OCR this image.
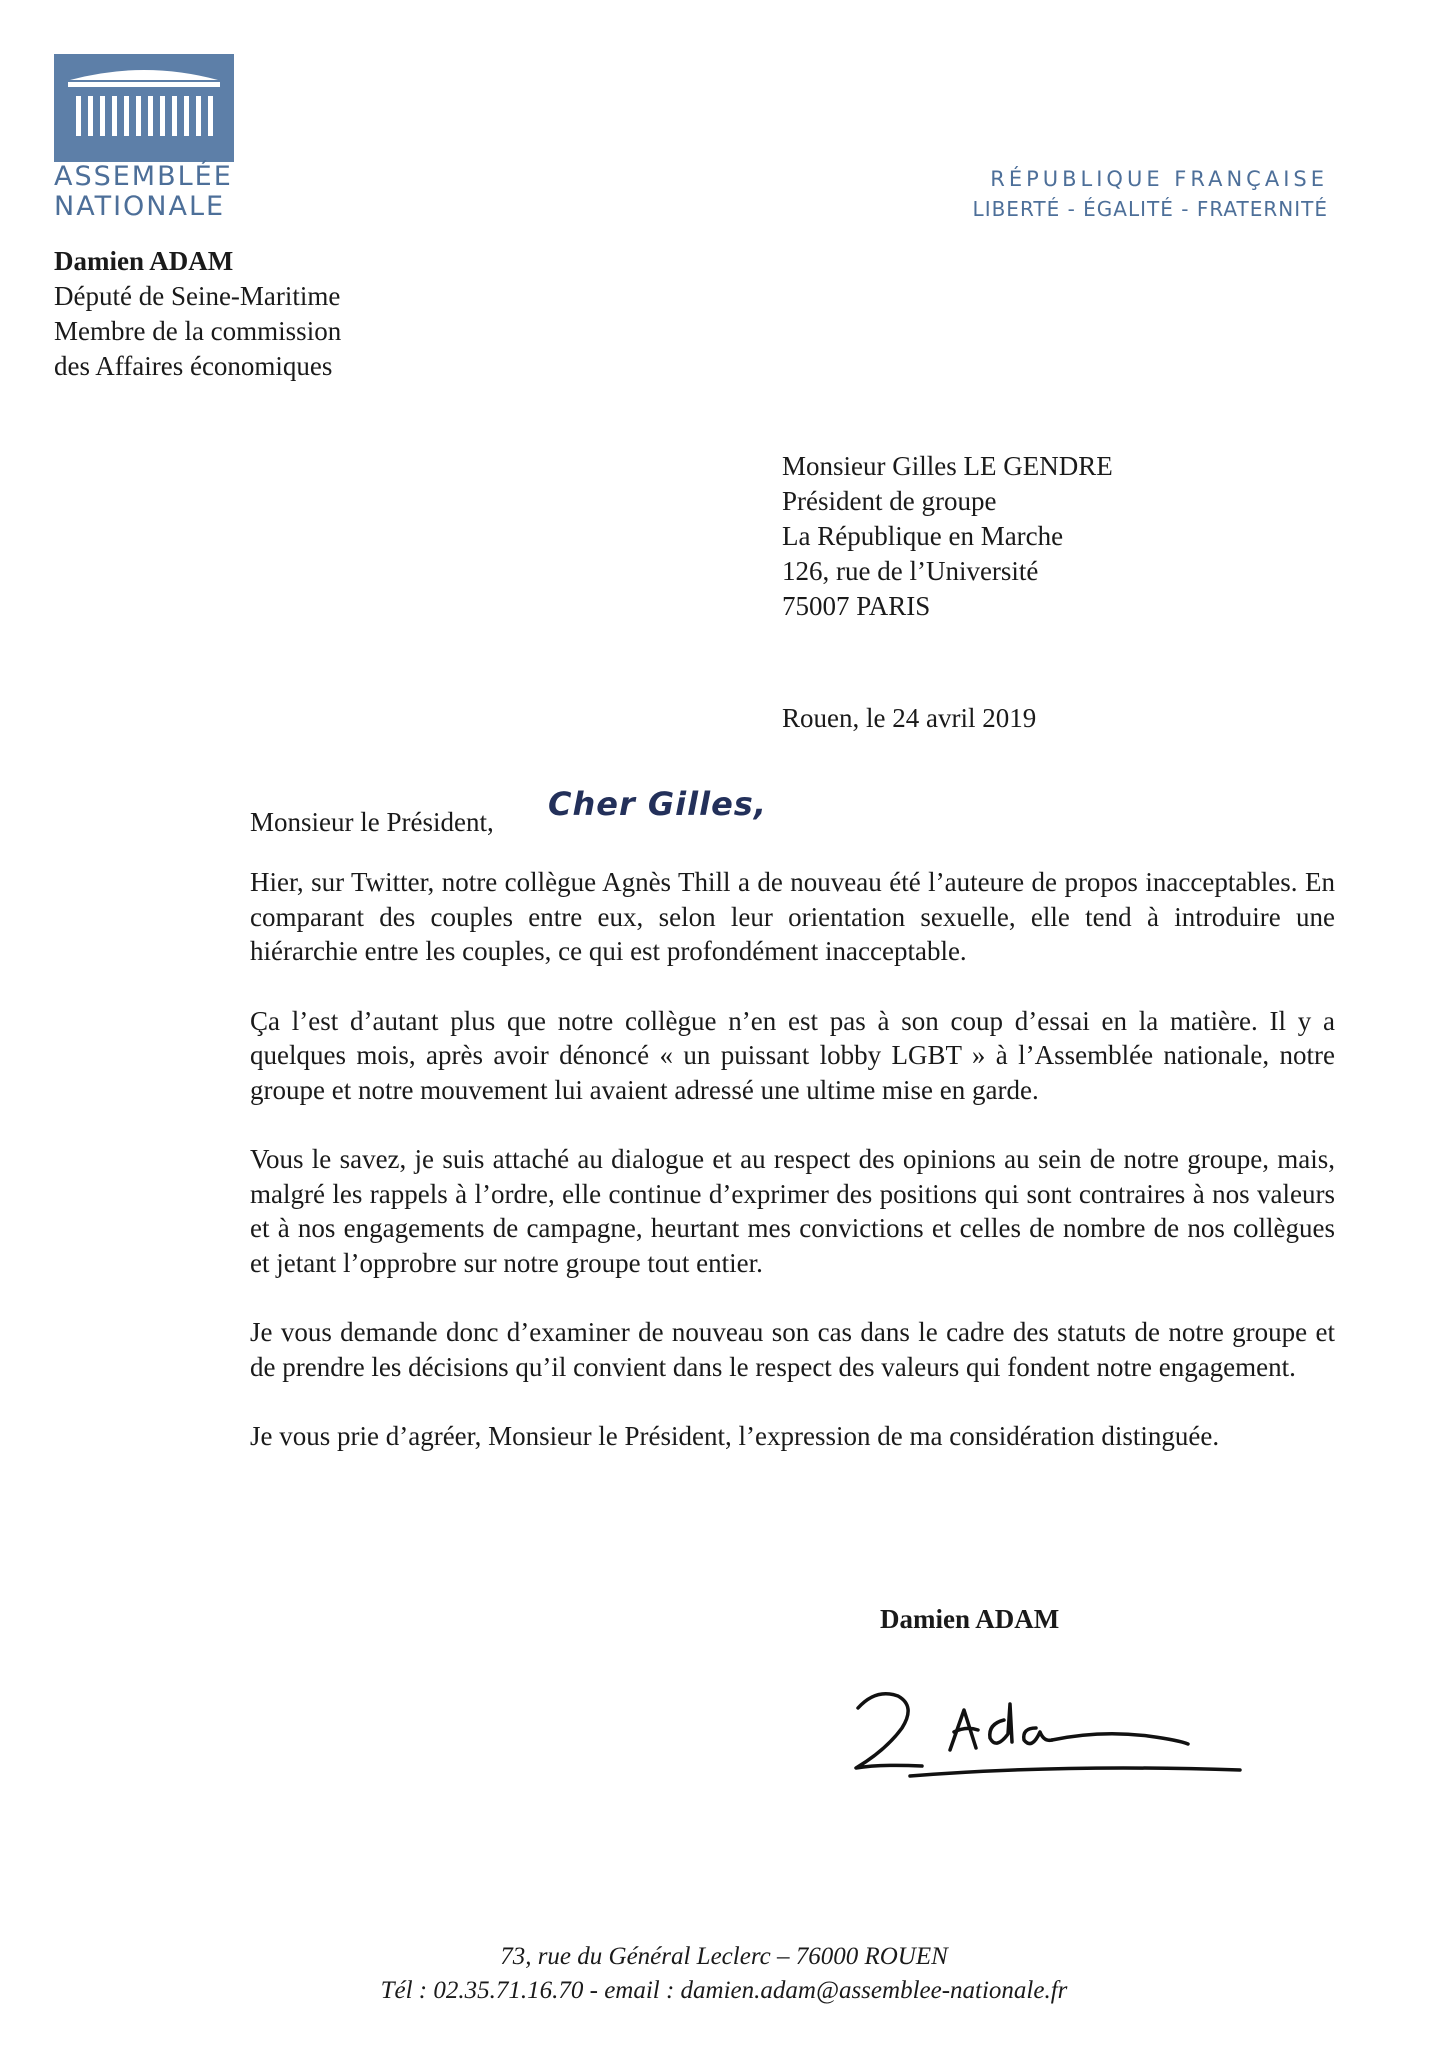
ASSEMBLÉE
NATIONALE
RÉPUBLIQUE FRANÇAISE
LIBERTÉ - ÉGALITÉ - FRATERNITÉ
Damien ADAM
Député de Seine-Maritime
Membre de la commission
des Affaires économiques
Monsieur Gilles LE GENDRE
Président de groupe
La République en Marche
126, rue de l’Université
75007 PARIS
Rouen, le 24 avril 2019
Monsieur le Président, Cher Gilles,

Hier, sur Twitter, notre collègue Agnès Thill a de nouveau été l’auteure de propos inacceptables. En comparant des couples entre eux, selon leur orientation sexuelle, elle tend à introduire une hiérarchie entre les couples, ce qui est profondément inacceptable.

Ça l’est d’autant plus que notre collègue n’en est pas à son coup d’essai en la matière. Il y a quelques mois, après avoir dénoncé « un puissant lobby LGBT » à l’Assemblée nationale, notre groupe et notre mouvement lui avaient adressé une ultime mise en garde.

Vous le savez, je suis attaché au dialogue et au respect des opinions au sein de notre groupe, mais, malgré les rappels à l’ordre, elle continue d’exprimer des positions qui sont contraires à nos valeurs et à nos engagements de campagne, heurtant mes convictions et celles de nombre de nos collègues et jetant l’opprobre sur notre groupe tout entier.

Je vous demande donc d’examiner de nouveau son cas dans le cadre des statuts de notre groupe et de prendre les décisions qu’il convient dans le respect des valeurs qui fondent notre engagement.

Je vous prie d’agréer, Monsieur le Président, l’expression de ma considération distinguée.

Damien ADAM
73, rue du Général Leclerc – 76000 ROUEN
Tél : 02.35.71.16.70 - email : damien.adam@assemblee-nationale.fr
